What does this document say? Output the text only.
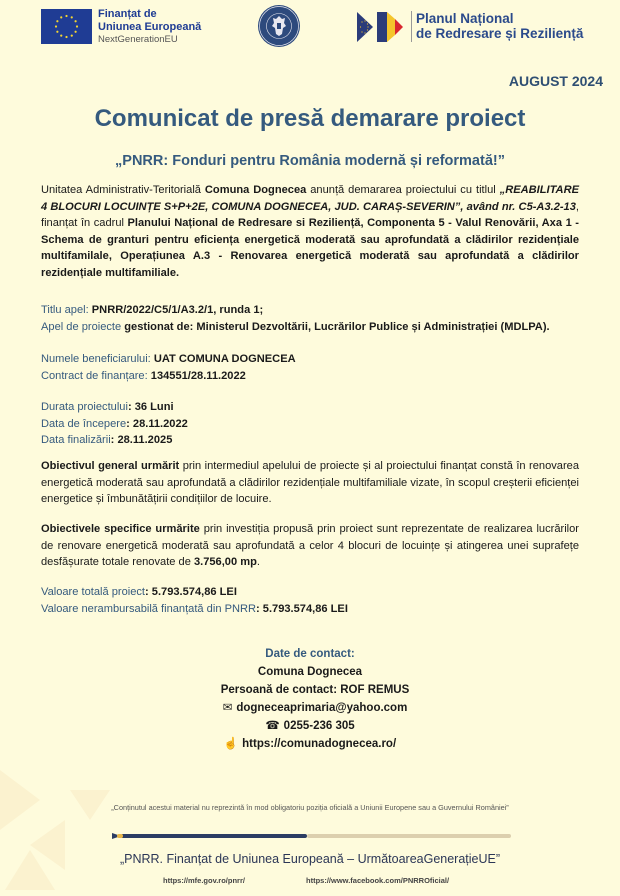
Finanțat de
Uniunea Europeană
NextGenerationEU
Planul Național
de Redresare și Reziliență
AUGUST 2024
Comunicat de presă demarare proiect
„PNRR: Fonduri pentru România modernă și reformată!”
Unitatea Administrativ-Teritorială Comuna Dognecea anunță demararea proiectului cu titlul „REABILITARE 4 BLOCURI LOCUINȚE S+P+2E, COMUNA DOGNECEA, JUD. CARAȘ-SEVERIN”, având nr. C5-A3.2-13, finanțat în cadrul Planului Național de Redresare si Reziliență, Componenta 5 - Valul Renovării, Axa 1 - Schema de granturi pentru eficiența energetică moderată sau aprofundată a clădirilor rezidențiale multifamilale, Operațiunea A.3 - Renovarea energetică moderată sau aprofundată a clădirilor rezidențiale multifamiliale.
Titlu apel: PNRR/2022/C5/1/A3.2/1, runda 1;
Apel de proiecte gestionat de: Ministerul Dezvoltării, Lucrărilor Publice și Administrației (MDLPA).
Numele beneficiarului: UAT COMUNA DOGNECEA
Contract de finanțare: 134551/28.11.2022
Durata proiectului: 36 Luni
Data de începere: 28.11.2022
Data finalizării: 28.11.2025
Obiectivul general urmărit prin intermediul apelului de proiecte și al proiectului finanțat constă în renovarea energetică moderată sau aprofundată a clădirilor rezidențiale multifamiliale vizate, în scopul creșterii eficienței energetice și îmbunătățirii condițiilor de locuire.
Obiectivele specifice urmărite prin investiția propusă prin proiect sunt reprezentate de realizarea lucrărilor de renovare energetică moderată sau aprofundată a celor 4 blocuri de locuințe și atingerea unei suprafețe desfășurate totale renovate de 3.756,00 mp.
Valoare totală proiect: 5.793.574,86 LEI
Valoare nerambursabilă finanțată din PNRR: 5.793.574,86 LEI
Date de contact:
Comuna Dognecea
Persoană de contact: ROF REMUS
✉ dogneceaprimaria@yahoo.com
☎ 0255-236 305
☝ https://comunadognecea.ro/
„Conținutul acestui material nu reprezintă în mod obligatoriu poziția oficială a Uniunii Europene sau a Guvernului României”
„PNRR. Finanțat de Uniunea Europeană – UrmătoareaGenerațieUE”
https://mfe.gov.ro/pnrr/	https://www.facebook.com/PNRROficial/
